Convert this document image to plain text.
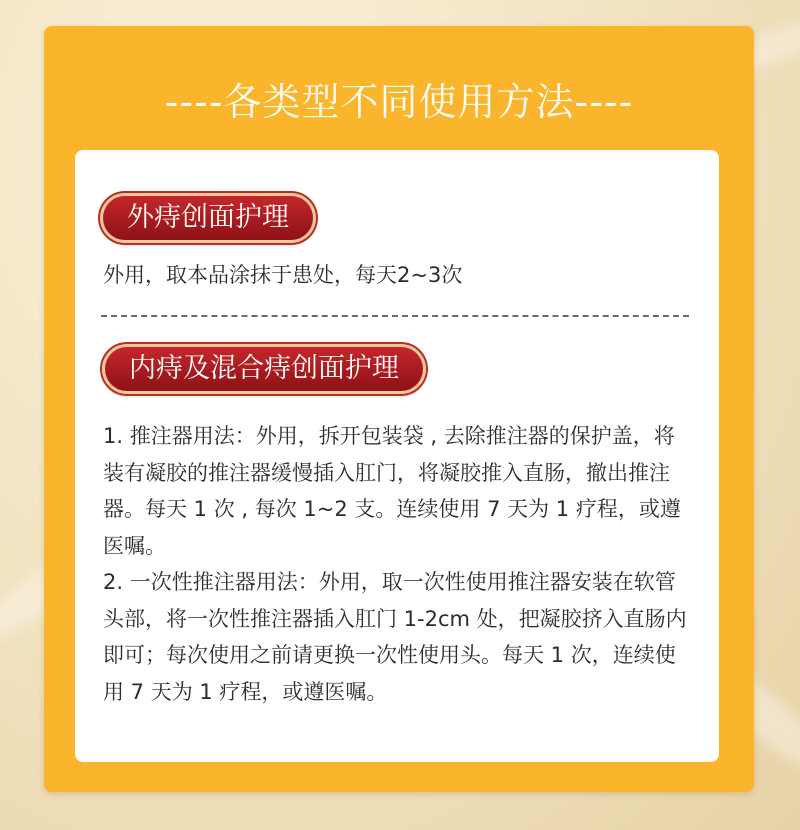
----各类型不同使用方法----
外痔创面护理
外用，取本品涂抹于患处，每天2~3次
内痔及混合痔创面护理
1. 推注器用法：外用，拆开包装袋 , 去除推注器的保护盖，将装有凝胶的推注器缓慢插入肛门，将凝胶推入直肠，撤出推注器。每天 1 次 , 每次 1~2 支。连续使用 7 天为 1 疗程，或遵医嘱。
2. 一次性推注器用法：外用，取一次性使用推注器安装在软管头部，将一次性推注器插入肛门 1-2cm 处，把凝胶挤入直肠内即可；每次使用之前请更换一次性使用头。每天 1 次，连续使用 7 天为 1 疗程，或遵医嘱。
